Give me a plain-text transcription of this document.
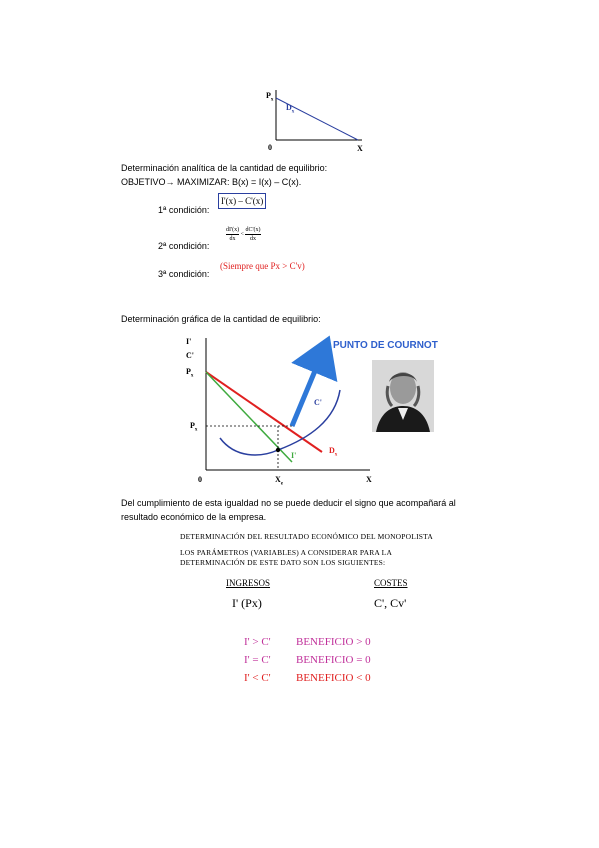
$P_x$
$D_x$
0	X
Determinación analítica de la cantidad de equilibrio:
OBJETIVO→ MAXIMIZAR: B(x) = I(x) – C(x).
1ª condición:
I'(x) – C'(x)
2ª condición:
$\frac{dI'(x)}{dx} < \frac{dC'(x)}{dx}$
3ª condición:
(Siempre que Px > C'v)
Determinación gráfica de la cantidad de equilibrio:
I'
C'
$P_x$
$P_x$
PUNTO DE COURNOT
C'
I'
$D_x$
0	$X_e$
X
Del cumplimiento de esta igualdad no se puede deducir el signo que acompañará al
resultado económico de la empresa.
DETERMINACIÓN DEL RESULTADO ECONÓMICO DEL MONOPOLISTA
LOS PARÁMETROS (VARIABLES) A CONSIDERAR PARA LA
DETERMINACIÓN DE ESTE DATO SON LOS SIGUIENTES:
INGRESOS	COSTES
I' (Px)	C', Cv'
I' > C' BENEFICIO > 0
I' = C' BENEFICIO = 0
I' < C' BENEFICIO < 0
